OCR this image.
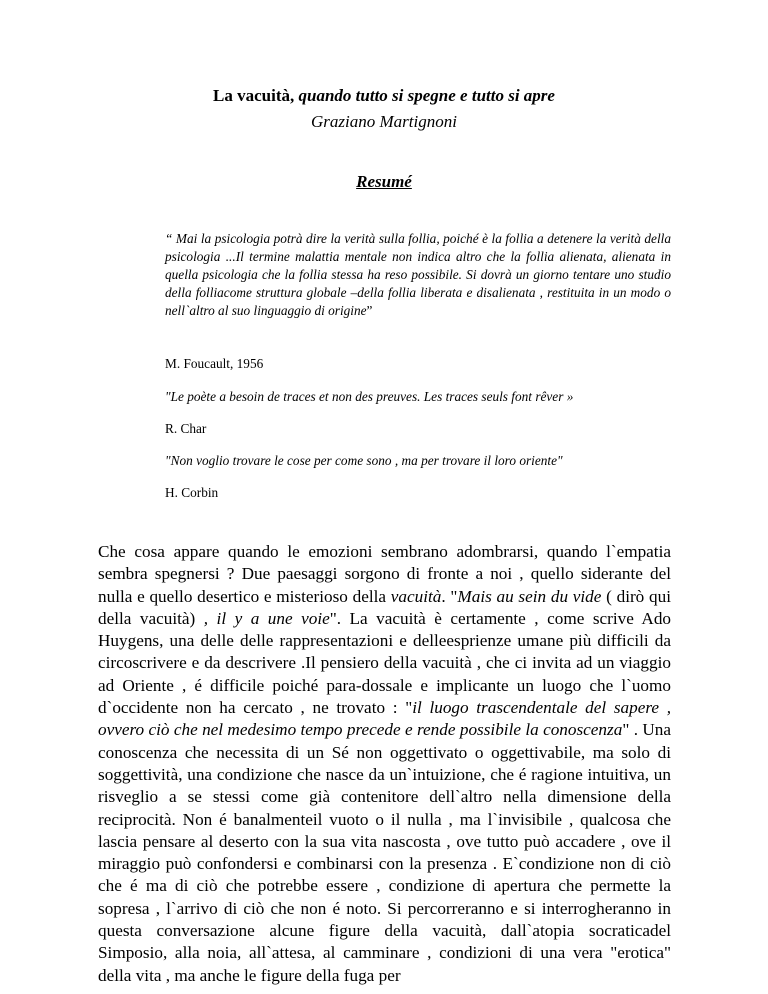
La vacuità, quando tutto si spegne e tutto si apre
Graziano Martignoni
Resumé
“ Mai la psicologia potrà dire la verità sulla follia, poiché è la follia a detenere la verità della psicologia ...Il termine malattia mentale non indica altro che la follia alienata, alienata in quella psicologia che la follia stessa ha reso possibile. Si dovrà un giorno tentare uno studio della folliacome struttura globale –della follia liberata e disalienata , restituita in un modo o nell`altro al suo linguaggio di origine”
M. Foucault, 1956
"Le poète a besoin de traces et non des preuves. Les traces seuls font rêver »
R. Char
"Non voglio trovare le cose per come sono , ma per trovare il loro oriente"
H. Corbin

Che cosa appare quando le emozioni sembrano adombrarsi, quando l`empatia sembra spegnersi ? Due paesaggi sorgono di fronte a noi , quello siderante del nulla e quello desertico e misterioso della vacuità. "Mais au sein du vide ( dirò qui della vacuità) , il y a une voie". La vacuità è certamente , come scrive Ado Huygens, una delle delle rappresentazioni e delleesprienze umane più difficili da circoscrivere e da descrivere .Il pensiero della vacuità , che ci invita ad un viaggio ad Oriente , é difficile poiché para-dossale e implicante un luogo che l`uomo d`occidente non ha cercato , ne trovato : "il luogo trascendentale del sapere , ovvero ciò che nel medesimo tempo precede e rende possibile la conoscenza" . Una conoscenza che necessita di un Sé non oggettivato o oggettivabile, ma solo di soggettività, una condizione che nasce da un`intuizione, che é ragione intuitiva, un risveglio a se stessi come già contenitore dell`altro nella dimensione della reciprocità. Non é banalmenteil vuoto o il nulla , ma l`invisibile , qualcosa che lascia pensare al deserto con la sua vita nascosta , ove tutto può accadere , ove il miraggio può confondersi e combinarsi con la presenza . E`condizione non di ciò che é ma di ciò che potrebbe essere , condizione di apertura che permette la sopresa , l`arrivo di ciò che non é noto. Si percorreranno e si interrogheranno in questa conversazione alcune figure della vacuità, dall`atopia socraticadel Simposio, alla noia, all`attesa, al camminare , condizioni di una vera "erotica" della vita , ma anche le figure della fuga per
